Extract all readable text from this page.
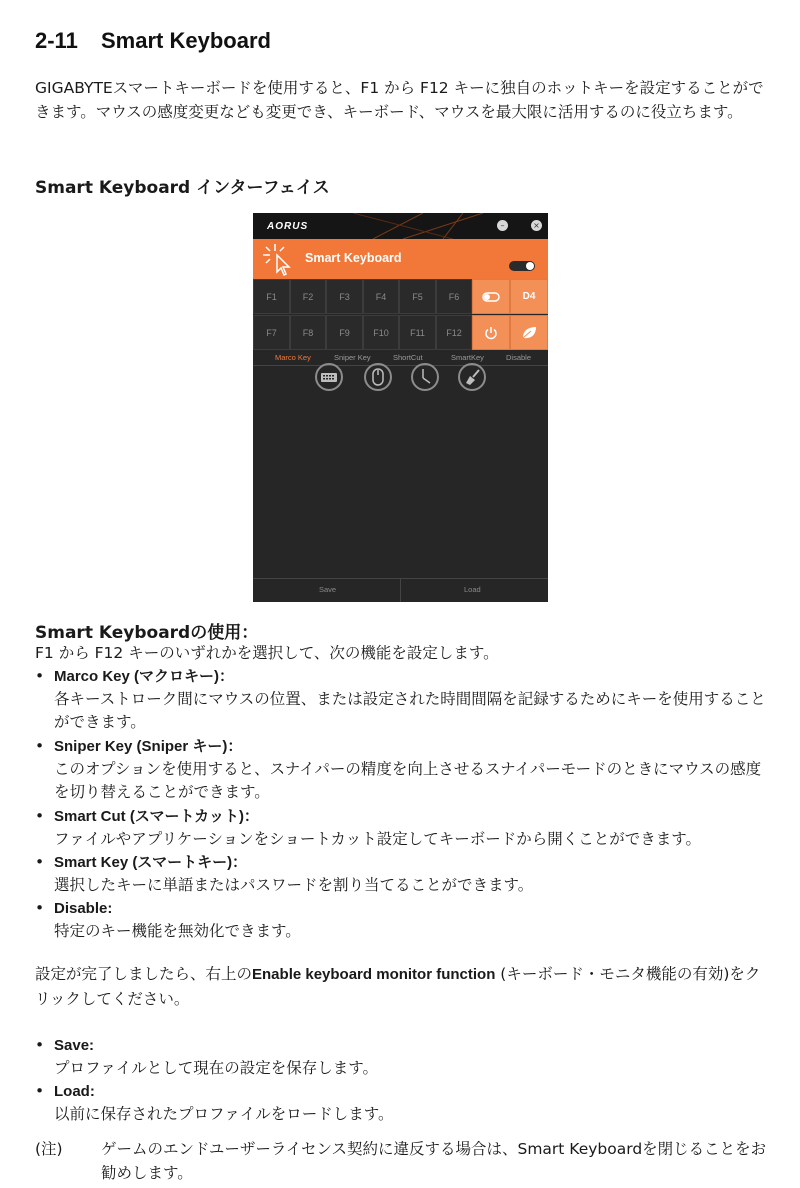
2-11 Smart Keyboard
GIGABYTEスマートキーボードを使用すると、F1 から F12 キーに独自のホットキーを設定することができます。マウスの感度変更なども変更でき、キーボード、マウスを最大限に活用するのに役立ちます。
Smart Keyboard インターフェイス
AORUS	–	×
Smart Keyboard
F1	F2	F3	F4	F5	F6	D4
F7	F8	F9	F10	F11	F12
Marco Key	Sniper Key	ShortCut	SmartKey	Disable
Save	Load
Smart Keyboardの使用：
F1 から F12 キーのいずれかを選択して、次の機能を設定します。
• Marco Key (マクロキー)：
各キーストローク間にマウスの位置、または設定された時間間隔を記録するためにキーを使用することができます。
• Sniper Key (Sniper キー)：
このオプションを使用すると、スナイパーの精度を向上させるスナイパーモードのときにマウスの感度を切り替えることができます。
• Smart Cut (スマートカット)：
ファイルやアプリケーションをショートカット設定してキーボードから開くことができます。
• Smart Key (スマートキー)：
選択したキーに単語またはパスワードを割り当てることができます。
• Disable:
特定のキー機能を無効化できます。
設定が完了しましたら、右上のEnable keyboard monitor function (キーボード・モニタ機能の有効)をクリックしてください。
• Save:
プロファイルとして現在の設定を保存します。
• Load:
以前に保存されたプロファイルをロードします。
(注) ゲームのエンドユーザーライセンス契約に違反する場合は、Smart Keyboardを閉じることをお勧めします。
